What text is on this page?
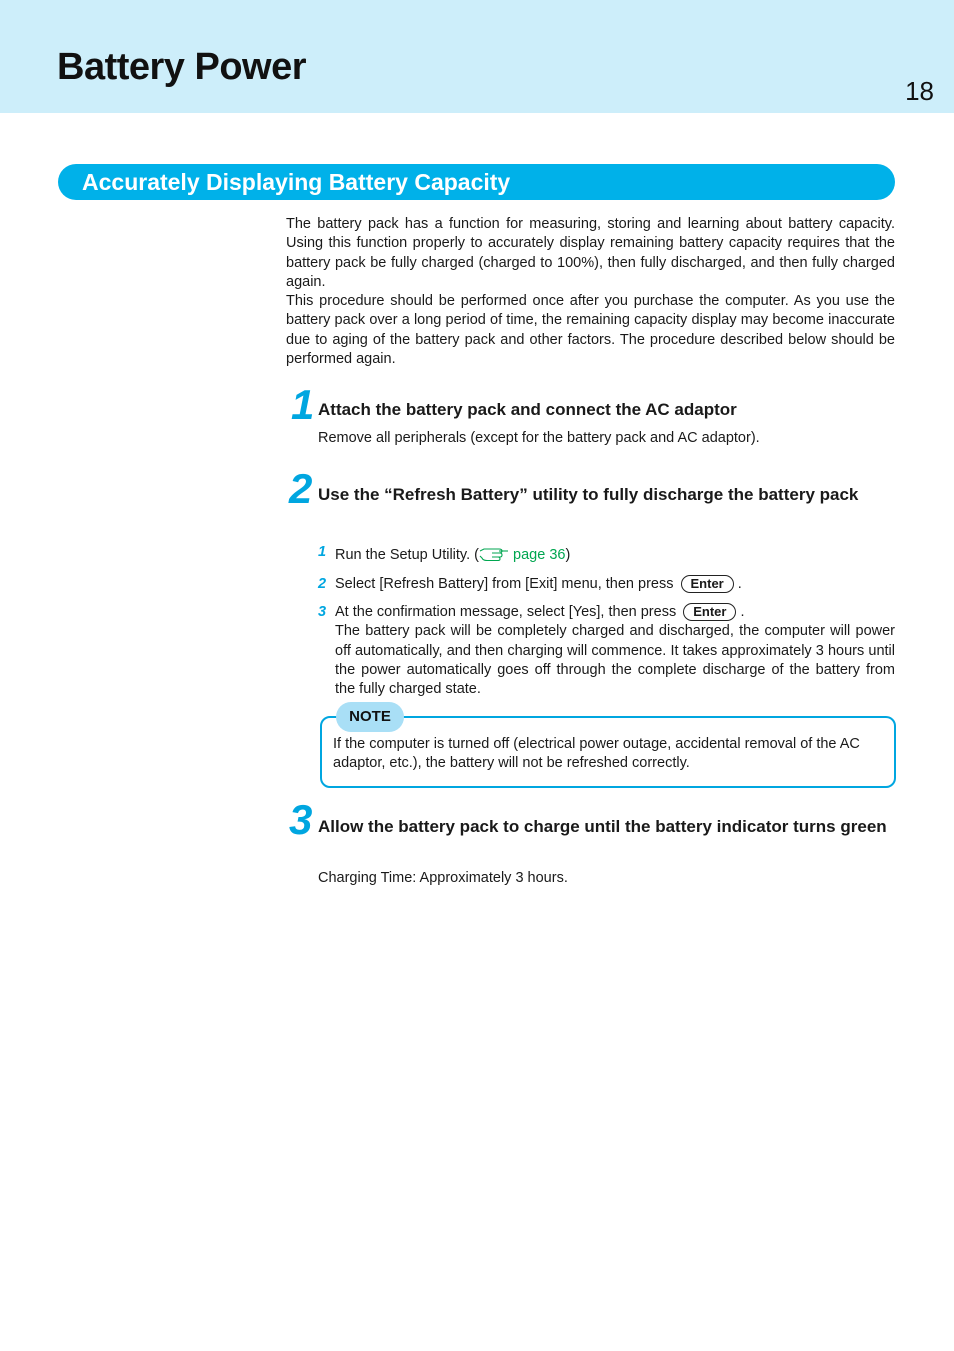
Battery Power
18
Accurately Displaying Battery Capacity

The battery pack has a function for measuring, storing and learning about battery capacity. Using this function properly to accurately display remaining battery capacity requires that the battery pack be fully charged (charged to 100%), then fully discharged, and then fully charged again.

This procedure should be performed once after you purchase the computer. As you use the battery pack over a long period of time, the remaining capacity display may become inaccurate due to aging of the battery pack and other factors. The procedure described below should be performed again.

1 Attach the battery pack and connect the AC adaptor

Remove all peripherals (except for the battery pack and AC adaptor).

2 Use the “Refresh Battery” utility to fully discharge the battery pack
1 Run the Setup Utility. ( page 36)
2 Select [Refresh Battery] from [Exit] menu, then press Enter .
3 At the confirmation message, select [Yes], then press Enter .

The battery pack will be completely charged and discharged, the computer will power off automatically, and then charging will commence. It takes approximately 3 hours until the power automatically goes off through the complete discharge of the battery from the fully charged state.

NOTE

If the computer is turned off (electrical power outage, accidental removal of the AC adaptor, etc.), the battery will not be refreshed correctly.

3 Allow the battery pack to charge until the battery indicator turns green

Charging Time: Approximately 3 hours.
